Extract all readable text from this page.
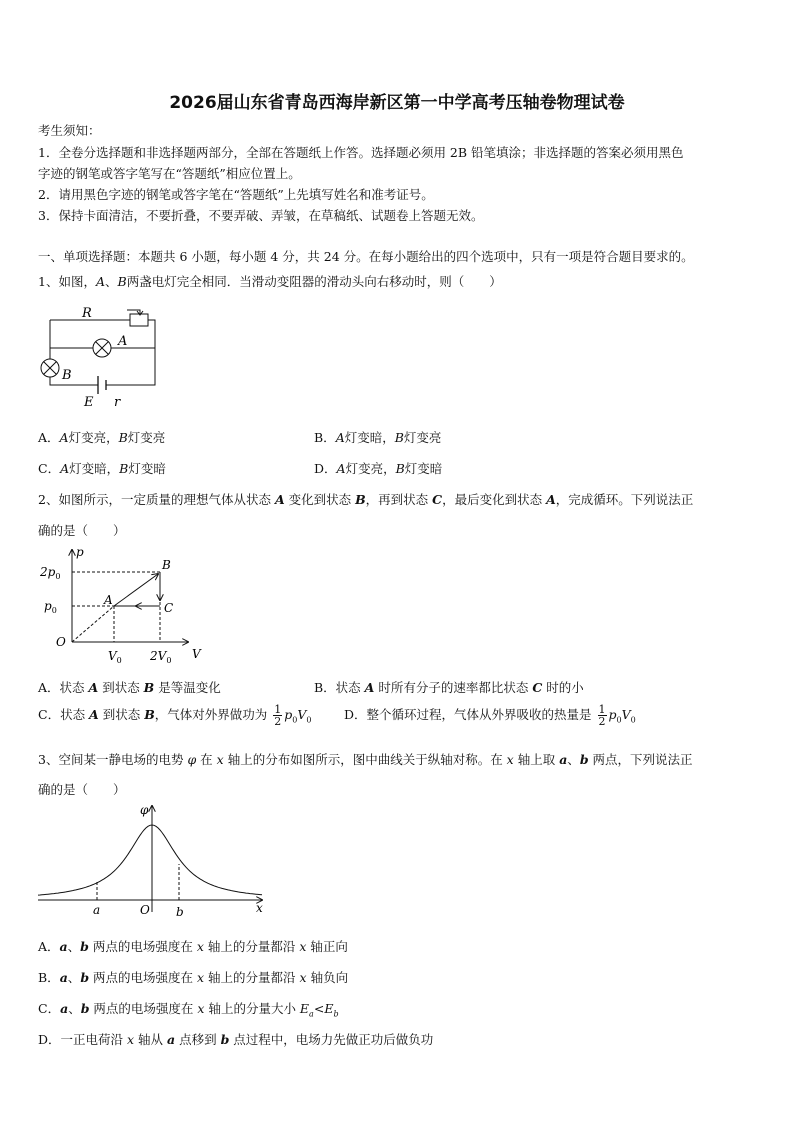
2026届山东省青岛西海岸新区第一中学高考压轴卷物理试卷
考生须知：
1．全卷分选择题和非选择题两部分，全部在答题纸上作答。选择题必须用 2B 铅笔填涂；非选择题的答案必须用黑色
字迹的钢笔或答字笔写在“答题纸”相应位置上。
2．请用黑色字迹的钢笔或答字笔在“答题纸”上先填写姓名和准考证号。
3．保持卡面清洁，不要折叠，不要弄破、弄皱，在草稿纸、试题卷上答题无效。
一、单项选择题：本题共 6 小题，每小题 4 分，共 24 分。在每小题给出的四个选项中，只有一项是符合题目要求的。
1、如图，A、B两盏电灯完全相同．当滑动变阻器的滑动头向右移动时，则（　　）
R
A
B
E r
A．A灯变亮，B灯变亮	B．A灯变暗，B灯变亮
C．A灯变暗，B灯变暗	D．A灯变亮，B灯变暗
2、如图所示，一定质量的理想气体从状态 A 变化到状态 B，再到状态 C，最后变化到状态 A，完成循环。下列说法正
确的是（　　）
p
V
O
$2p_0$
$p_0$
$V_0$ $2V_0$
A
B
C
A．状态 A 到状态 B 是等温变化	B．状态 A 时所有分子的速率都比状态 C 时的小
C．状态 A 到状态 B，气体对外界做功为 $\frac{1}{2} p_0V_0$	D．整个循环过程，气体从外界吸收的热量是 $\frac{1}{2} p_0V_0$
3、空间某一静电场的电势 φ 在 x 轴上的分布如图所示，图中曲线关于纵轴对称。在 x 轴上取 a、b 两点，下列说法正
确的是（　　）
φ
O
a	b	x
A．a、b 两点的电场强度在 x 轴上的分量都沿 x 轴正向
B．a、b 两点的电场强度在 x 轴上的分量都沿 x 轴负向
C．a、b 两点的电场强度在 x 轴上的分量大小 $E_a<E_b$
D．一正电荷沿 x 轴从 a 点移到 b 点过程中，电场力先做正功后做负功
